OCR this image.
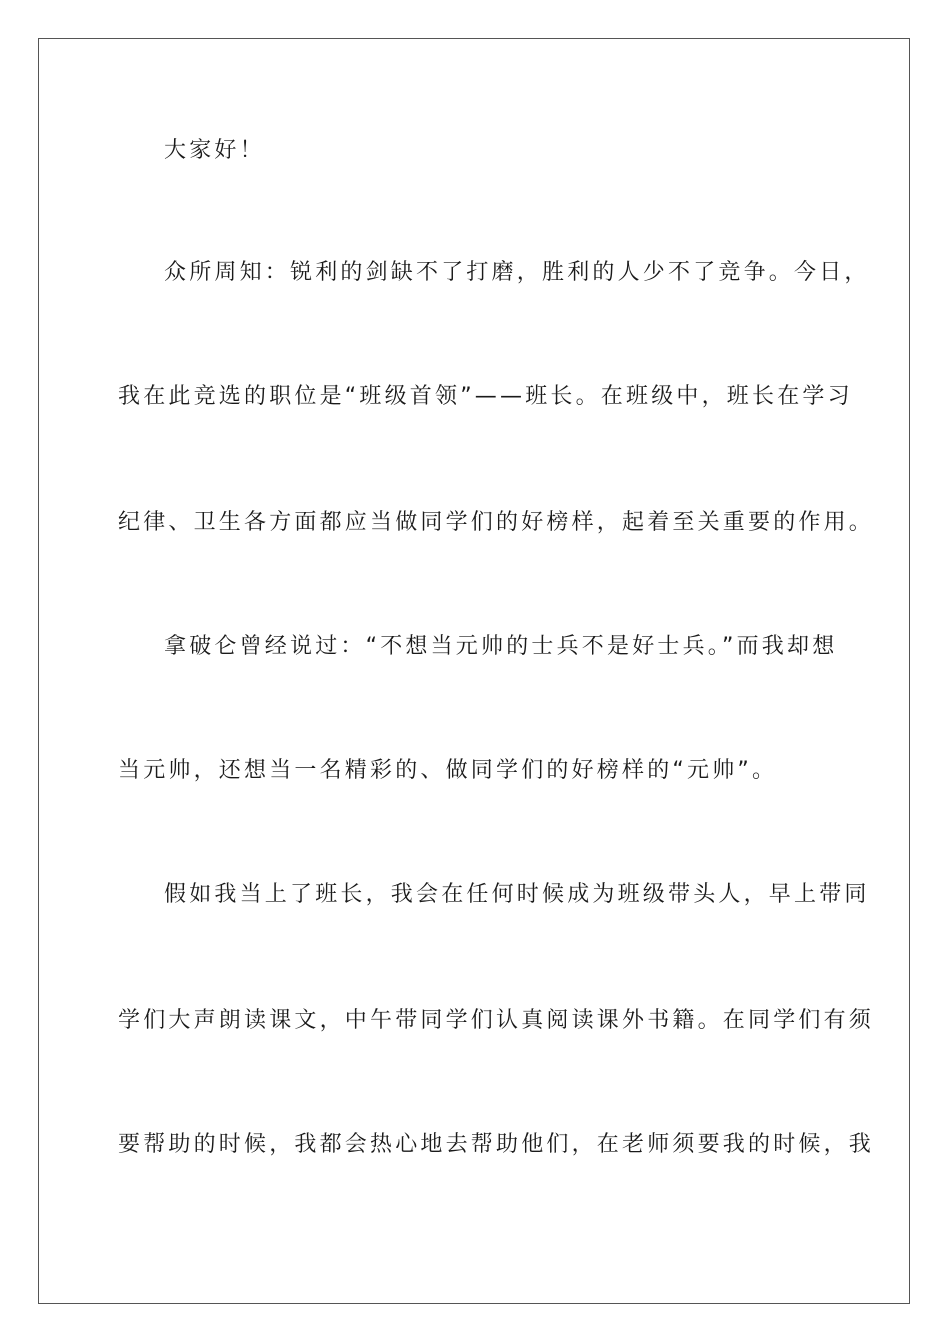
大家好！
众所周知：锐利的剑缺不了打磨，胜利的人少不了竞争。今日，
我在此竞选的职位是“班级首领”——班长。在班级中，班长在学习
纪律、卫生各方面都应当做同学们的好榜样，起着至关重要的作用。
拿破仑曾经说过：“不想当元帅的士兵不是好士兵。”而我却想
当元帅，还想当一名精彩的、做同学们的好榜样的“元帅”。
假如我当上了班长，我会在任何时候成为班级带头人，早上带同
学们大声朗读课文，中午带同学们认真阅读课外书籍。在同学们有须
要帮助的时候，我都会热心地去帮助他们，在老师须要我的时候，我
